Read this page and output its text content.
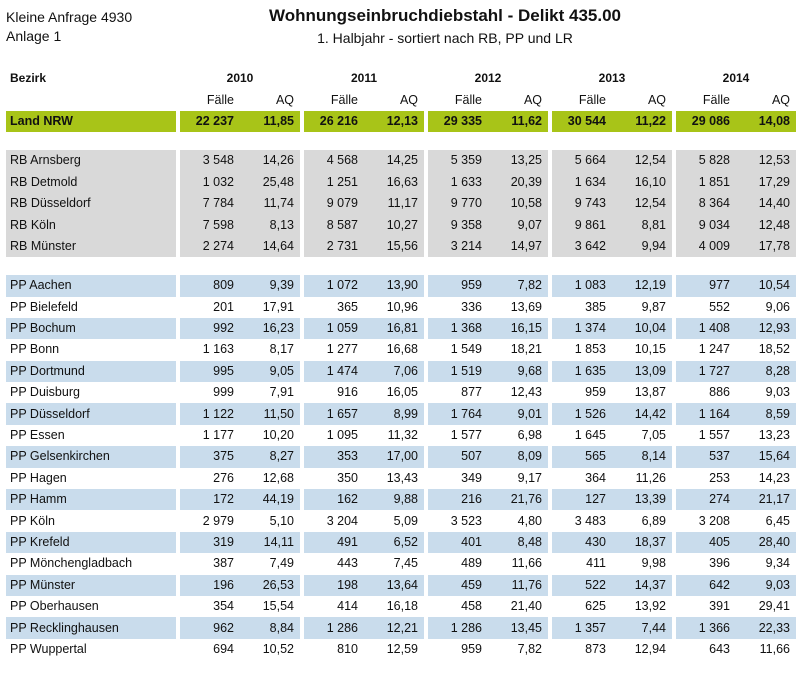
Kleine Anfrage 4930
Anlage 1
Wohnungseinbruchdiebstahl - Delikt 435.00
1. Halbjahr - sortiert nach RB, PP und LR
Bezirk	2010		2011		2012		2013		2014	
	Fälle	AQ	Fälle	AQ	Fälle	AQ	Fälle	AQ	Fälle	AQ
Land NRW	22 237	11,85	26 216	12,13	29 335	11,62	30 544	11,22	29 086	14,08

RB Arnsberg	3 548	14,26	4 568	14,25	5 359	13,25	5 664	12,54	5 828	12,53
RB Detmold	1 032	25,48	1 251	16,63	1 633	20,39	1 634	16,10	1 851	17,29
RB Düsseldorf	7 784	11,74	9 079	11,17	9 770	10,58	9 743	12,54	8 364	14,40
RB Köln	7 598	8,13	8 587	10,27	9 358	9,07	9 861	8,81	9 034	12,48
RB Münster	2 274	14,64	2 731	15,56	3 214	14,97	3 642	9,94	4 009	17,78

PP Aachen	809	9,39	1 072	13,90	959	7,82	1 083	12,19	977	10,54
PP Bielefeld	201	17,91	365	10,96	336	13,69	385	9,87	552	9,06
PP Bochum	992	16,23	1 059	16,81	1 368	16,15	1 374	10,04	1 408	12,93
PP Bonn	1 163	8,17	1 277	16,68	1 549	18,21	1 853	10,15	1 247	18,52
PP Dortmund	995	9,05	1 474	7,06	1 519	9,68	1 635	13,09	1 727	8,28
PP Duisburg	999	7,91	916	16,05	877	12,43	959	13,87	886	9,03
PP Düsseldorf	1 122	11,50	1 657	8,99	1 764	9,01	1 526	14,42	1 164	8,59
PP Essen	1 177	10,20	1 095	11,32	1 577	6,98	1 645	7,05	1 557	13,23
PP Gelsenkirchen	375	8,27	353	17,00	507	8,09	565	8,14	537	15,64
PP Hagen	276	12,68	350	13,43	349	9,17	364	11,26	253	14,23
PP Hamm	172	44,19	162	9,88	216	21,76	127	13,39	274	21,17
PP Köln	2 979	5,10	3 204	5,09	3 523	4,80	3 483	6,89	3 208	6,45
PP Krefeld	319	14,11	491	6,52	401	8,48	430	18,37	405	28,40
PP Mönchengladbach	387	7,49	443	7,45	489	11,66	411	9,98	396	9,34
PP Münster	196	26,53	198	13,64	459	11,76	522	14,37	642	9,03
PP Oberhausen	354	15,54	414	16,18	458	21,40	625	13,92	391	29,41
PP Recklinghausen	962	8,84	1 286	12,21	1 286	13,45	1 357	7,44	1 366	22,33
PP Wuppertal	694	10,52	810	12,59	959	7,82	873	12,94	643	11,66
